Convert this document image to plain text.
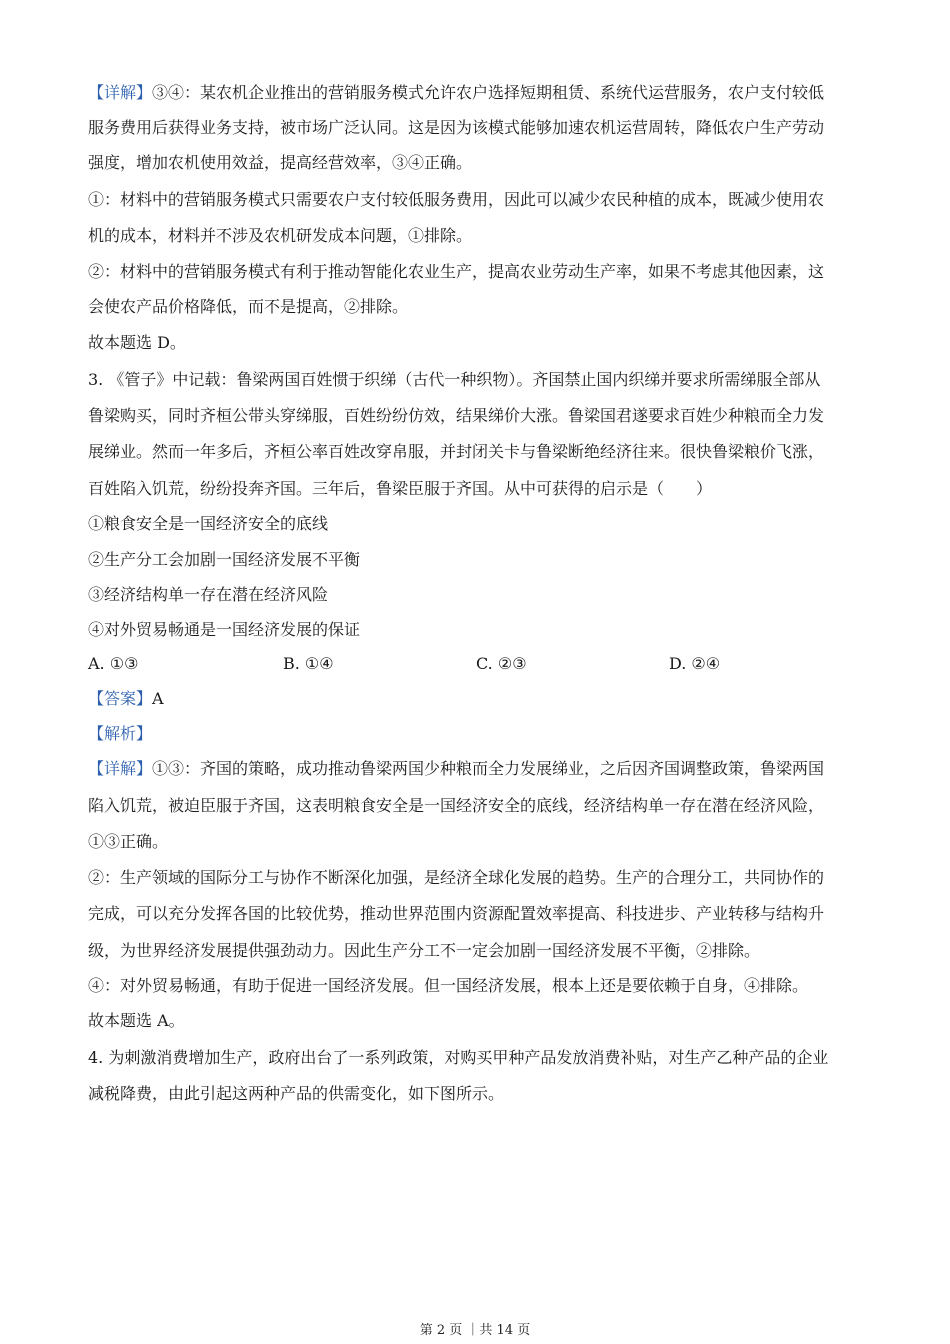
【详解】③④：某农机企业推出的营销服务模式允许农户选择短期租赁、系统代运营服务，农户支付较低
服务费用后获得业务支持，被市场广泛认同。这是因为该模式能够加速农机运营周转，降低农户生产劳动
强度，增加农机使用效益，提高经营效率，③④正确。
①：材料中的营销服务模式只需要农户支付较低服务费用，因此可以减少农民种植的成本，既减少使用农
机的成本，材料并不涉及农机研发成本问题，①排除。
②：材料中的营销服务模式有利于推动智能化农业生产，提高农业劳动生产率，如果不考虑其他因素，这
会使农产品价格降低，而不是提高，②排除。
故本题选 D。
3. 《管子》中记载：鲁梁两国百姓惯于织绨（古代一种织物）。齐国禁止国内织绨并要求所需绨服全部从
鲁梁购买，同时齐桓公带头穿绨服，百姓纷纷仿效，结果绨价大涨。鲁梁国君遂要求百姓少种粮而全力发
展绨业。然而一年多后，齐桓公率百姓改穿帛服，并封闭关卡与鲁梁断绝经济往来。很快鲁梁粮价飞涨，
百姓陷入饥荒，纷纷投奔齐国。三年后，鲁梁臣服于齐国。从中可获得的启示是（　　）
①粮食安全是一国经济安全的底线
②生产分工会加剧一国经济发展不平衡
③经济结构单一存在潜在经济风险
④对外贸易畅通是一国经济发展的保证
A. ①③	B. ①④	C. ②③	D. ②④
【答案】A
【解析】
【详解】①③：齐国的策略，成功推动鲁梁两国少种粮而全力发展绨业，之后因齐国调整政策，鲁梁两国
陷入饥荒，被迫臣服于齐国，这表明粮食安全是一国经济安全的底线，经济结构单一存在潜在经济风险，
①③正确。
②：生产领域的国际分工与协作不断深化加强，是经济全球化发展的趋势。生产的合理分工，共同协作的
完成，可以充分发挥各国的比较优势，推动世界范围内资源配置效率提高、科技进步、产业转移与结构升
级，为世界经济发展提供强劲动力。因此生产分工不一定会加剧一国经济发展不平衡，②排除。
④：对外贸易畅通，有助于促进一国经济发展。但一国经济发展，根本上还是要依赖于自身，④排除。
故本题选 A。
4. 为刺激消费增加生产，政府出台了一系列政策，对购买甲种产品发放消费补贴，对生产乙种产品的企业
减税降费，由此引起这两种产品的供需变化，如下图所示。
第 2 页 ｜共 14 页
